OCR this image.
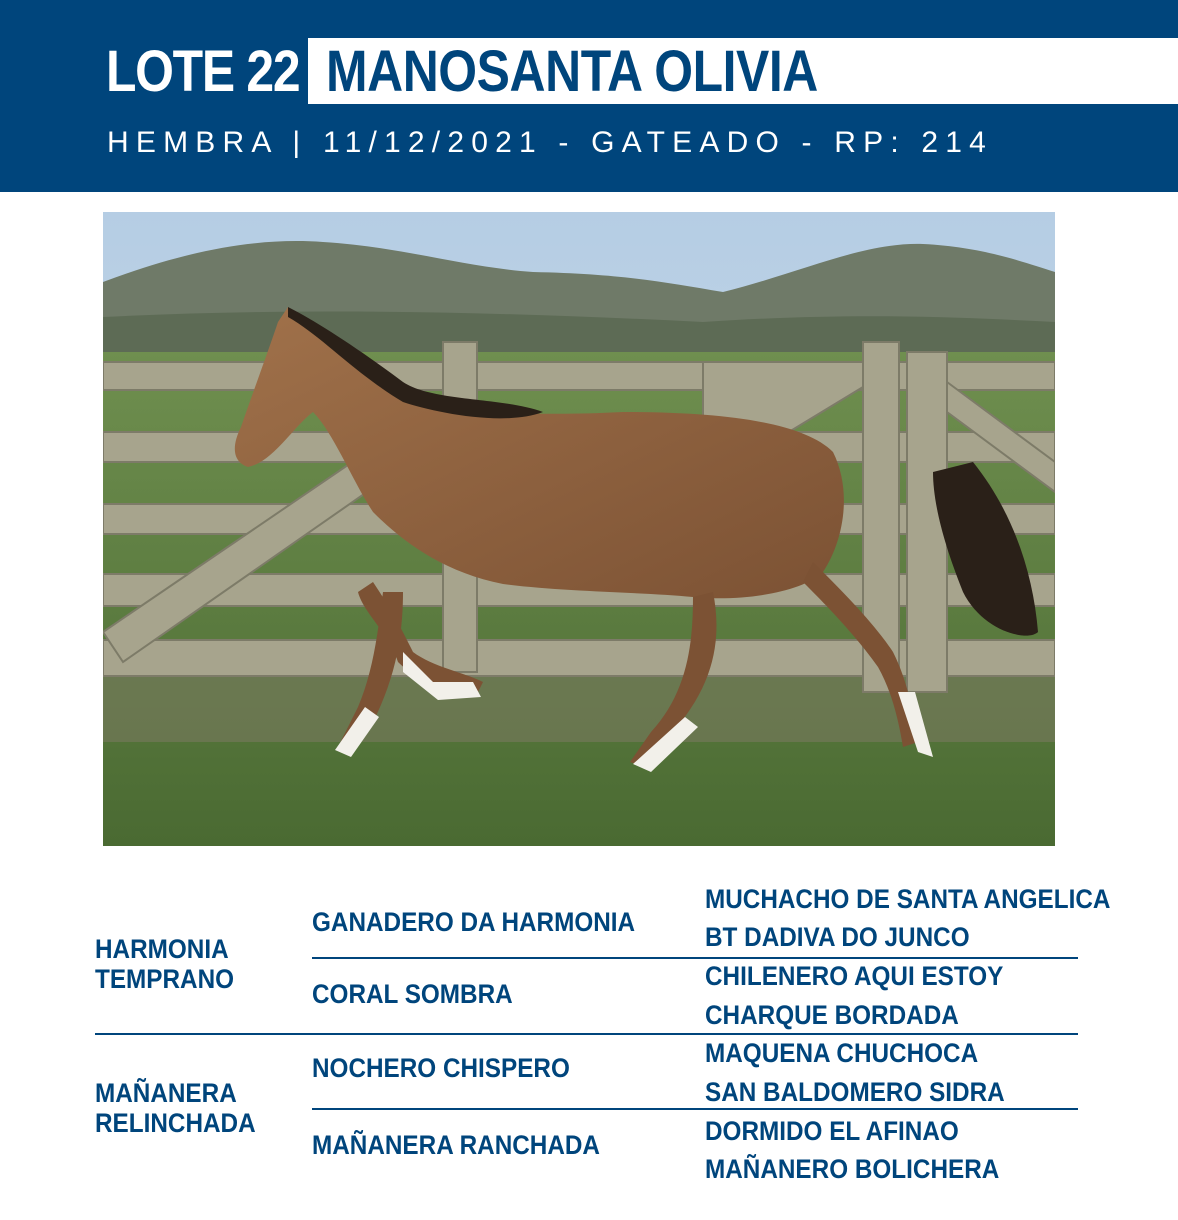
LOTE 22 MANOSANTA OLIVIA
HEMBRA | 11/12/2021 - GATEADO - RP: 214
HARMONIA
TEMPRANO
MAÑANERA
RELINCHADA
GANADERO DA HARMONIA
CORAL SOMBRA
NOCHERO CHISPERO
MAÑANERA RANCHADA
MUCHACHO DE SANTA ANGELICA
BT DADIVA DO JUNCO
CHILENERO AQUI ESTOY
CHARQUE BORDADA
MAQUENA CHUCHOCA
SAN BALDOMERO SIDRA
DORMIDO EL AFINAO
MAÑANERO BOLICHERA
